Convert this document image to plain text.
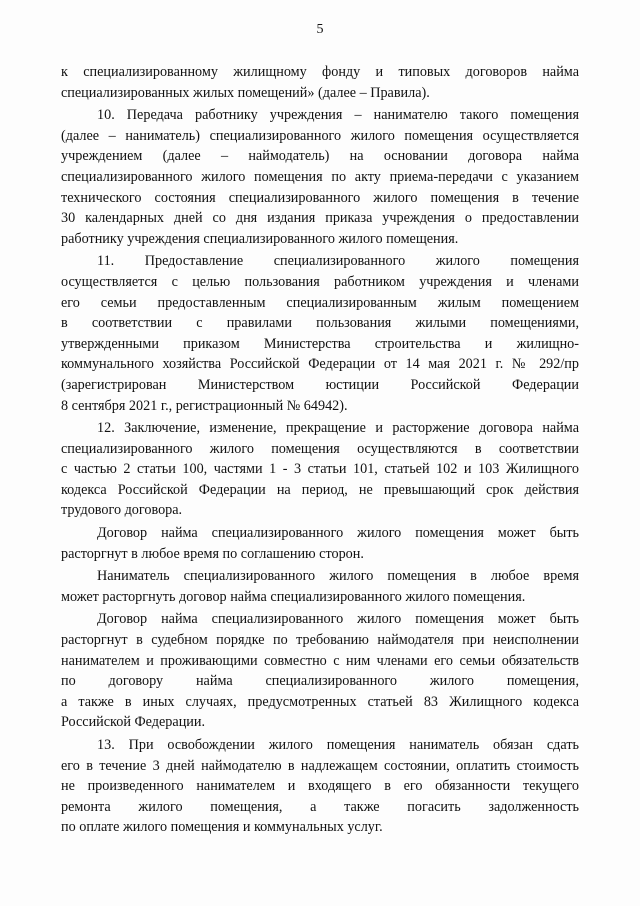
5
к специализированному жилищному фонду и типовых договоров найма
специализированных жилых помещений» (далее – Правила).
10. Передача работнику учреждения – нанимателю такого помещения
(далее – наниматель) специализированного жилого помещения осуществляется
учреждением (далее – наймодатель) на основании договора найма
специализированного жилого помещения по акту приема-передачи с указанием
технического состояния специализированного жилого помещения в течение
30 календарных дней со дня издания приказа учреждения о предоставлении
работнику учреждения специализированного жилого помещения.
11. Предоставление специализированного жилого помещения
осуществляется с целью пользования работником учреждения и членами
его семьи предоставленным специализированным жилым помещением
в соответствии с правилами пользования жилыми помещениями,
утвержденными приказом Министерства строительства и жилищно-
коммунального хозяйства Российской Федерации от 14 мая 2021 г. № 292/пр
(зарегистрирован Министерством юстиции Российской Федерации
8 сентября 2021 г., регистрационный № 64942).
12. Заключение, изменение, прекращение и расторжение договора найма
специализированного жилого помещения осуществляются в соответствии
с частью 2 статьи 100, частями 1 - 3 статьи 101, статьей 102 и 103 Жилищного
кодекса Российской Федерации на период, не превышающий срок действия
трудового договора.
Договор найма специализированного жилого помещения может быть
расторгнут в любое время по соглашению сторон.
Наниматель специализированного жилого помещения в любое время
может расторгнуть договор найма специализированного жилого помещения.
Договор найма специализированного жилого помещения может быть
расторгнут в судебном порядке по требованию наймодателя при неисполнении
нанимателем и проживающими совместно с ним членами его семьи обязательств
по договору найма специализированного жилого помещения,
а также в иных случаях, предусмотренных статьей 83 Жилищного кодекса
Российской Федерации.
13. При освобождении жилого помещения наниматель обязан сдать
его в течение 3 дней наймодателю в надлежащем состоянии, оплатить стоимость
не произведенного нанимателем и входящего в его обязанности текущего
ремонта жилого помещения, а также погасить задолженность
по оплате жилого помещения и коммунальных услуг.
